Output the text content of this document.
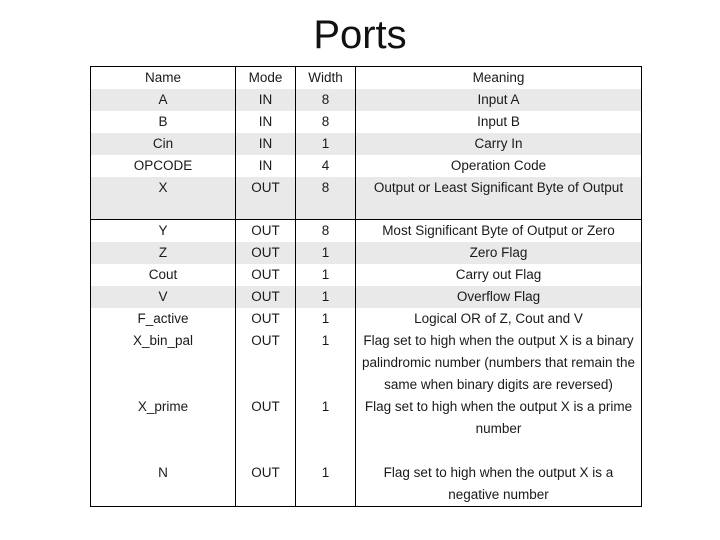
Ports
Name	Mode	Width	Meaning
A	IN	8	Input A
B	IN	8	Input B
Cin	IN	1	Carry In
OPCODE	IN	4	Operation Code
X	OUT	8	Output or Least Significant Byte of Output
Y	OUT	8	Most Significant Byte of Output or Zero
Z	OUT	1	Zero Flag
Cout	OUT	1	Carry out Flag
V	OUT	1	Overflow Flag
F_active	OUT	1	Logical OR of Z, Cout and V
X_bin_pal	OUT	1	Flag set to high when the output X is a binary palindromic number (numbers that remain the same when binary digits are reversed)
X_prime	OUT	1	Flag set to high when the output X is a prime number
N	OUT	1	Flag set to high when the output X is a negative number
